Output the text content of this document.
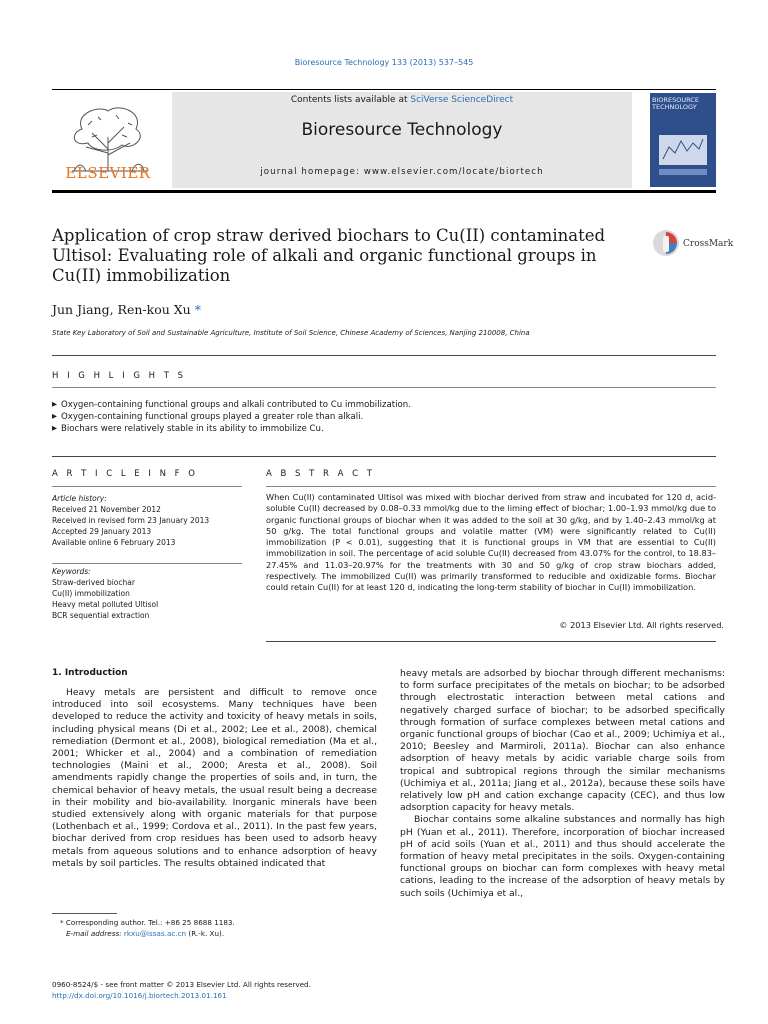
Bioresource Technology 133 (2013) 537–545
Contents lists available at SciVerse ScienceDirect
Bioresource Technology
journal homepage: www.elsevier.com/locate/biortech
ELSEVIER
BIORESOURCE TECHNOLOGY
Application of crop straw derived biochars to Cu(II) contaminated Ultisol: Evaluating role of alkali and organic functional groups in Cu(II) immobilization
CrossMark
Jun Jiang, Ren-kou Xu *
State Key Laboratory of Soil and Sustainable Agriculture, Institute of Soil Science, Chinese Academy of Sciences, Nanjing 210008, China
H I G H L I G H T S
▶ Oxygen-containing functional groups and alkali contributed to Cu immobilization.
▶ Oxygen-containing functional groups played a greater role than alkali.
▶ Biochars were relatively stable in its ability to immobilize Cu.
A R T I C L E I N F O	A B S T R A C T
Article history:
Received 21 November 2012
Received in revised form 23 January 2013
Accepted 29 January 2013
Available online 6 February 2013
Keywords:
Straw-derived biochar
Cu(II) immobilization
Heavy metal polluted Ultisol
BCR sequential extraction
When Cu(II) contaminated Ultisol was mixed with biochar derived from straw and incubated for 120 d, acid-soluble Cu(II) decreased by 0.08–0.33 mmol/kg due to the liming effect of biochar; 1.00–1.93 mmol/kg due to organic functional groups of biochar when it was added to the soil at 30 g/kg, and by 1.40–2.43 mmol/kg at 50 g/kg. The total functional groups and volatile matter (VM) were significantly related to Cu(II) immobilization (P < 0.01), suggesting that it is functional groups in VM that are essential to Cu(II) immobilization in soil. The percentage of acid soluble Cu(II) decreased from 43.07% for the control, to 18.83–27.45% and 11.03–20.97% for the treatments with 30 and 50 g/kg of crop straw biochars added, respectively. The immobilized Cu(II) was primarily transformed to reducible and oxidizable forms. Biochar could retain Cu(II) for at least 120 d, indicating the long-term stability of biochar in Cu(II) immobilization.
© 2013 Elsevier Ltd. All rights reserved.
1. Introduction
Heavy metals are persistent and difficult to remove once introduced into soil ecosystems. Many techniques have been developed to reduce the activity and toxicity of heavy metals in soils, including physical means (Di et al., 2002; Lee et al., 2008), chemical remediation (Dermont et al., 2008), biological remediation (Ma et al., 2001; Whicker et al., 2004) and a combination of remediation technologies (Maini et al., 2000; Aresta et al., 2008). Soil amendments rapidly change the properties of soils and, in turn, the chemical behavior of heavy metals, the usual result being a decrease in their mobility and bio-availability. Inorganic minerals have been studied extensively along with organic materials for that purpose (Lothenbach et al., 1999; Cordova et al., 2011). In the past few years, biochar derived from crop residues has been used to adsorb heavy metals from aqueous solutions and to enhance adsorption of heavy metals by soil particles. The results obtained indicated that

heavy metals are adsorbed by biochar through different mechanisms: to form surface precipitates of the metals on biochar; to be adsorbed through electrostatic interaction between metal cations and negatively charged surface of biochar; to be adsorbed specifically through formation of surface complexes between metal cations and organic functional groups of biochar (Cao et al., 2009; Uchimiya et al., 2010; Beesley and Marmiroli, 2011a). Biochar can also enhance adsorption of heavy metals by acidic variable charge soils from tropical and subtropical regions through the similar mechanisms (Uchimiya et al., 2011a; Jiang et al., 2012a), because these soils have relatively low pH and cation exchange capacity (CEC), and thus low adsorption capacity for heavy metals.

Biochar contains some alkaline substances and normally has high pH (Yuan et al., 2011). Therefore, incorporation of biochar increased pH of acid soils (Yuan et al., 2011) and thus should accelerate the formation of heavy metal precipitates in the soils. Oxygen-containing functional groups on biochar can form complexes with heavy metal cations, leading to the increase of the adsorption of heavy metals by such soils (Uchimiya et al.,

* Corresponding author. Tel.: +86 25 8688 1183.
E-mail address: rkxu@issas.ac.cn (R.-k. Xu).
0960-8524/$ - see front matter © 2013 Elsevier Ltd. All rights reserved.
http://dx.doi.org/10.1016/j.biortech.2013.01.161
